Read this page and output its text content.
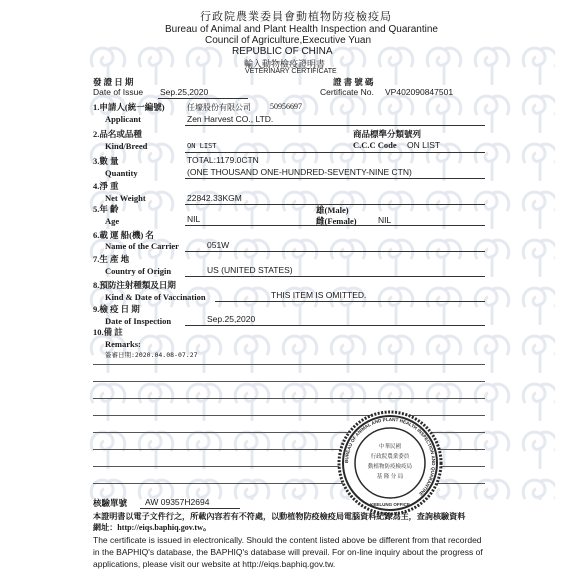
行政院農業委員會動植物防疫檢疫局
Bureau of Animal and Plant Health Inspection and Quarantine
Council of Agriculture,Executive Yuan
REPUBLIC OF CHINA
輸入動物檢疫證明書
VETERINARY CERTIFICATE
發 證 日 期
Date of Issue Sep.25,2020
證 書 號 碼
Certificate No. VP402090847501
1.申請人(統一編號)
Applicant
任壕股份有限公司 50956697
Zen Harvest CO., LTD.
2.品名或品種
Kind/Breed	ON LIST
商品標準分類號列
C.C.C Code ON LIST
3.數 量
Quantity
TOTAL:1179.0CTN
(ONE THOUSAND ONE-HUNDRED-SEVENTY-NINE CTN)
4.淨 重
Net Weight	22842.33KGM
5.年 齡
Age	NIL
雄(Male)
雌(Female)	NIL
6.載 運 船(機) 名
Name of the Carrier	051W
7.生 產 地
Country of Origin	US (UNITED STATES)
8.預防注射種類及日期
Kind & Date of Vaccination	THIS ITEM IS OMITTED.
9.檢 疫 日 期
Date of Inspection	Sep.25,2020
10.備 註
Remarks:
簽審日期:2020.04.08-07.27
BUREAU OF ANIMAL AND PLANT HEALTH INSPECTION AND QUARANTINE
中華民國
行政院農業委員
動植物防疫檢疫局
基 隆 分 局
KEELUNG OFFICE
核驗單號 AW 09357H2694
本證明書以電子文件行之，所載內容若有不符處，以動植物防疫檢疫局電腦資料紀錄為主，查詢核驗資料
網址：http://eiqs.baphiq.gov.tw。
The certificate is issued in electronically. Should the content listed above be different from that recorded
in the BAPHIQ's database, the BAPHIQ's database will prevail. For on-line inquiry about the progress of
applications, please visit our website at http://eiqs.baphiq.gov.tw.
